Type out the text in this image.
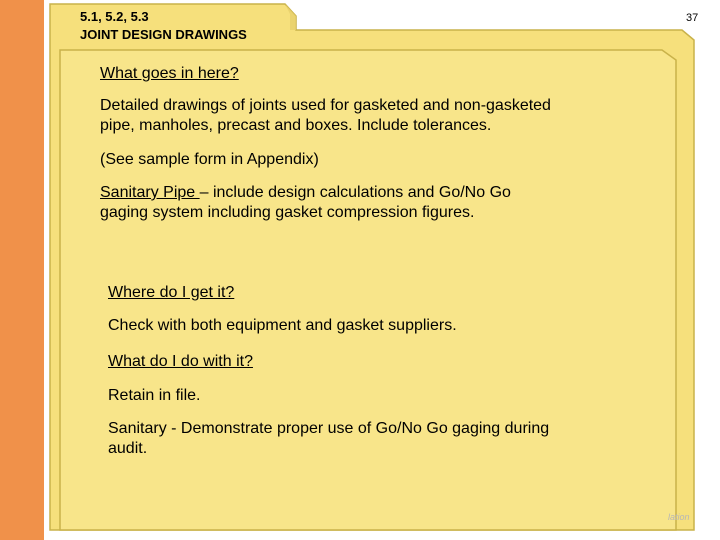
37
5.1, 5.2, 5.3
JOINT DESIGN DRAWINGS
What goes in here?
Detailed drawings of joints used for gasketed and non-gasketed
pipe, manholes, precast and boxes. Include tolerances.
(See sample form in Appendix)
Sanitary Pipe – include design calculations and Go/No Go
gaging system including gasket compression figures.
Where do I get it?
Check with both equipment and gasket suppliers.
What do I do with it?
Retain in file.
Sanitary - Demonstrate proper use of Go/No Go gaging during
audit.
lation
